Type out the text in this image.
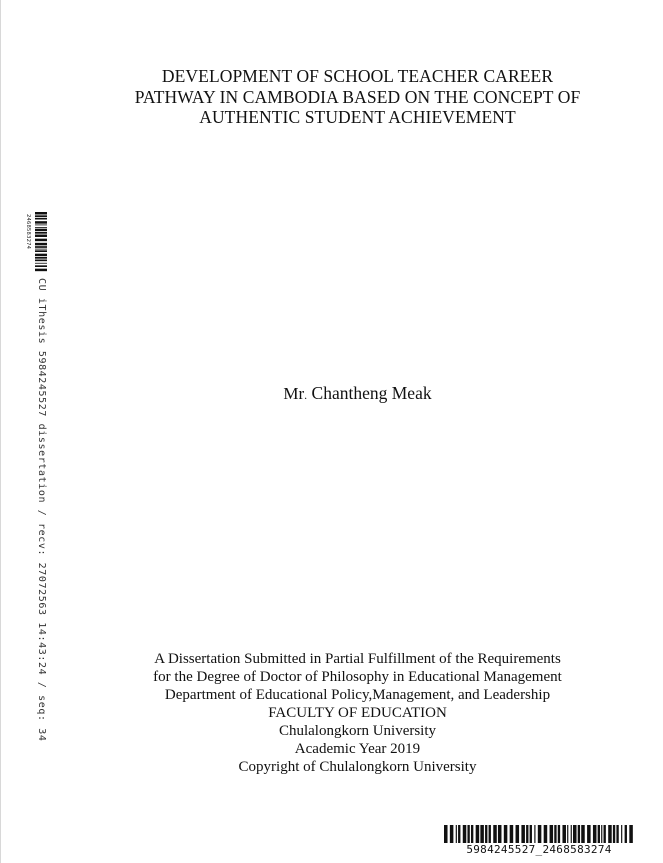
DEVELOPMENT OF SCHOOL TEACHER CAREER
PATHWAY IN CAMBODIA BASED ON THE CONCEPT OF
AUTHENTIC STUDENT ACHIEVEMENT
Mr. Chantheng Meak
A Dissertation Submitted in Partial Fulfillment of the Requirements
for the Degree of Doctor of Philosophy in Educational Management
Department of Educational Policy,Management, and Leadership
FACULTY OF EDUCATION
Chulalongkorn University
Academic Year 2019
Copyright of Chulalongkorn University
2468583274
CU iThesis 5984245527 dissertation / recv: 27072563 14:43:24 / seq: 34
5984245527_2468583274
